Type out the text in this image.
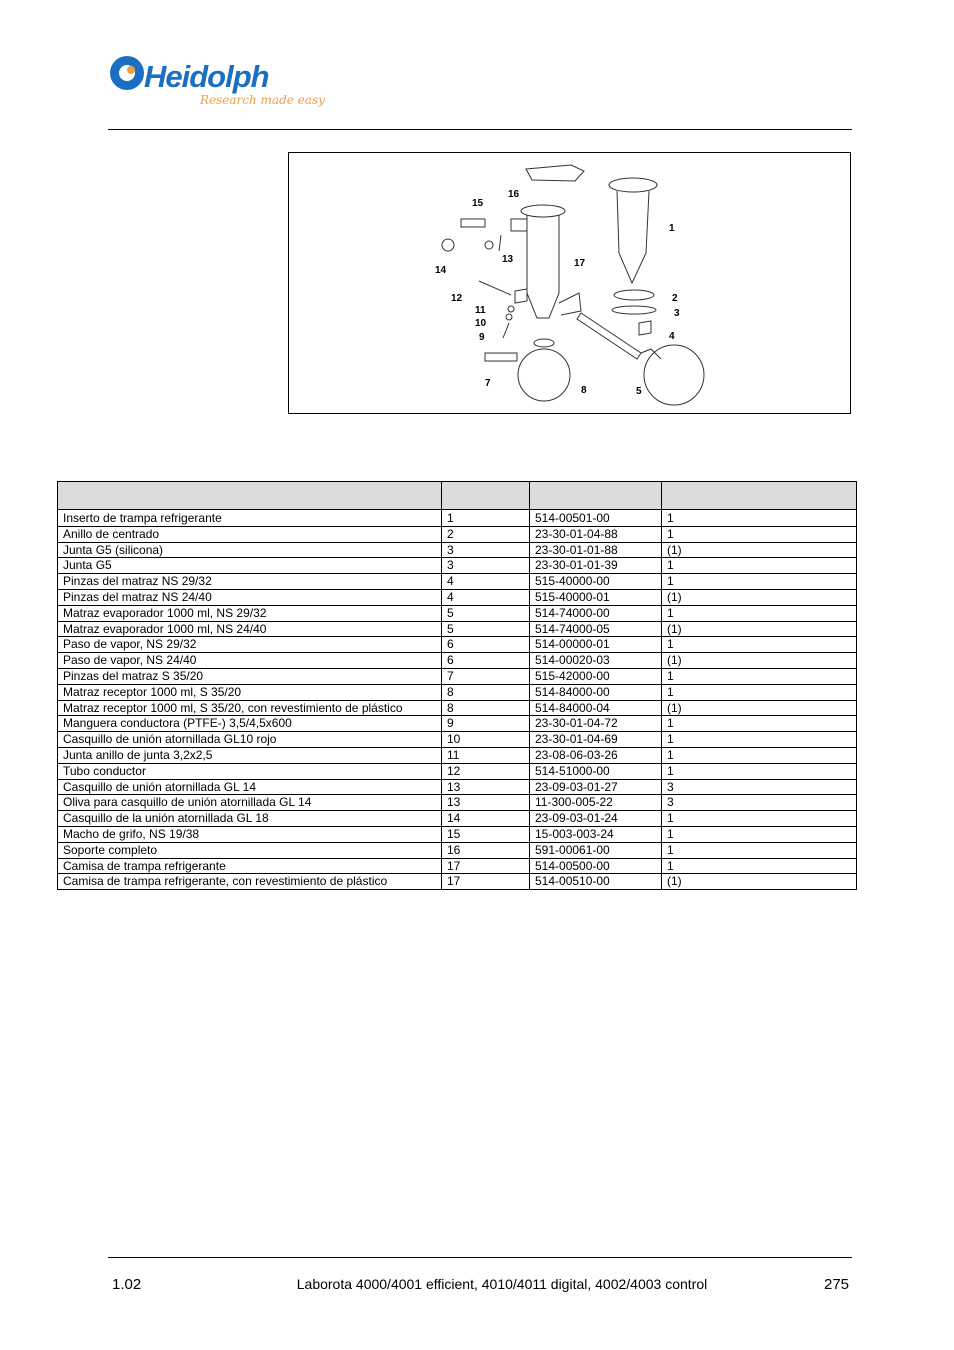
Heidolph
Research made easy
1
2
3
4
5
7
8
9
10
11
12
13
14
15
16
17

Inserto de trampa refrigerante	1	514-00501-00	1
Anillo de centrado	2	23-30-01-04-88	1
Junta G5 (silicona)	3	23-30-01-01-88	(1)
Junta G5	3	23-30-01-01-39	1
Pinzas del matraz NS 29/32	4	515-40000-00	1
Pinzas del matraz NS 24/40	4	515-40000-01	(1)
Matraz evaporador 1000 ml, NS 29/32	5	514-74000-00	1
Matraz evaporador 1000 ml, NS 24/40	5	514-74000-05	(1)
Paso de vapor, NS 29/32	6	514-00000-01	1
Paso de vapor, NS 24/40	6	514-00020-03	(1)
Pinzas del matraz S 35/20	7	515-42000-00	1
Matraz receptor 1000 ml, S 35/20	8	514-84000-00	1
Matraz receptor 1000 ml, S 35/20, con revestimiento de plástico	8	514-84000-04	(1)
Manguera conductora (PTFE-) 3,5/4,5x600	9	23-30-01-04-72	1
Casquillo de unión atornillada GL10 rojo	10	23-30-01-04-69	1
Junta anillo de junta 3,2x2,5	11	23-08-06-03-26	1
Tubo conductor	12	514-51000-00	1
Casquillo de unión atornillada GL 14	13	23-09-03-01-27	3
Oliva para casquillo de unión atornillada GL 14	13	11-300-005-22	3
Casquillo de la unión atornillada GL 18	14	23-09-03-01-24	1
Macho de grifo, NS 19/38	15	15-003-003-24	1
Soporte completo	16	591-00061-00	1
Camisa de trampa refrigerante	17	514-00500-00	1
Camisa de trampa refrigerante, con revestimiento de plástico	17	514-00510-00	(1)
1.02	Laborota 4000/4001 efficient, 4010/4011 digital, 4002/4003 control	275
